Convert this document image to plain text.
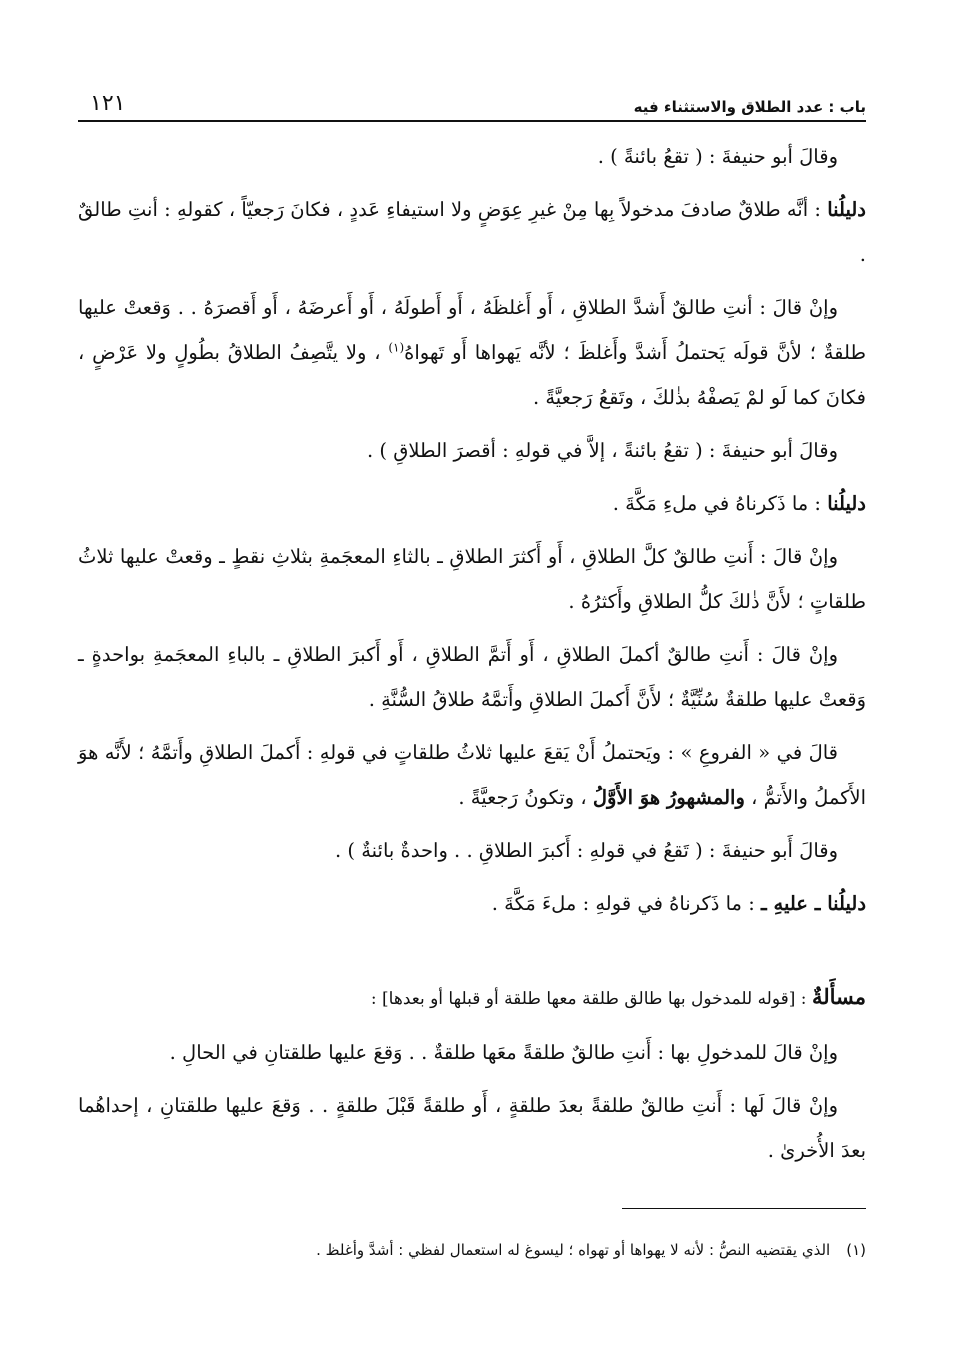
باب : عدد الطلاق والاستثناء فيه
١٢١

وقالَ أبو حنيفةَ : ( تقعُ بائنةً ) .

دليلُنا : أنَّه طلاقٌ صادفَ مدخولاً بِها مِنْ غيرِ عِوَضٍ ولا استيفاءِ عَددٍ ، فكانَ رَجعيّاً ، كقولهِ : أنتِ طالقٌ .

وإنْ قالَ : أنتِ طالقٌ أَشدَّ الطلاقِ ، أَو أَغلظَهُ ، أَو أَطولَهُ ، أَو أَعرضَهُ ، أَو أَقصرَهُ . . وَقعتْ عليها طلقةٌ ؛ لأنَّ قولَه يَحتملُ أَشدَّ وأَغلظَ ؛ لأنَّه يَهواها أَو تَهواهُ$^{(١)}$ ، ولا يتَّصِفُ الطلاقُ بطُولٍ ولا عَرْضٍ ، فكانَ كما لَو لمْ يَصفْهُ بذٰلكَ ، وتَقعُ رَجعيَّةً .

وقالَ أبو حنيفةَ : ( تقعُ بائنةً ، إلاَّ في قولهِ : أقصرَ الطلاقِ ) .

دليلُنا : ما ذَكرناهُ في ملءِ مَكَّةَ .

وإنْ قالَ : أَنتِ طالقٌ كلَّ الطلاقِ ، أَو أَكثرَ الطلاقِ ـ بالثاءِ المعجَمةِ بثلاثِ نقطٍ ـ وقعتْ عليها ثلاثُ طلقاتٍ ؛ لأَنَّ ذٰلكَ كلُّ الطلاقِ وأَكثرُهُ .

وإنْ قالَ : أَنتِ طالقٌ أكملَ الطلاقِ ، أَو أَتمَّ الطلاقِ ، أَو أَكبرَ الطلاقِ ـ بالباءِ المعجَمةِ بواحدةٍ ـ وَقعتْ عليها طلقةٌ سُنِّيَّةٌ ؛ لأَنَّ أَكملَ الطلاقِ وأَتمَّهُ طلاقُ السُّنَّةِ .

قالَ في « الفروعِ » : ويَحتملُ أَنْ يَقعَ عليها ثلاثُ طلقاتٍ في قولهِ : أَكملَ الطلاقِ وأَتمَّهُ ؛ لأَنَّه هوَ الأَكملُ والأَتمُّ ، والمشهورُ هوَ الأَوَّلُ ، وتكونُ رَجعيَّةً .

وقالَ أَبو حنيفةَ : ( تَقعُ في قولهِ : أَكبرَ الطلاقِ . . واحدةٌ بائنةٌ ) .

دليلُنا ـ عليهِ ـ : ما ذَكرناهُ في قولهِ : ملءَ مَكَّةَ .

مسأَلةٌ : [قوله للمدخول بها طالق طلقة معها طلقة أو قبلها أو بعدها] :

وإنْ قالَ للمدخولِ بها : أَنتِ طالقٌ طلقةً معَها طلقةٌ . . وَقعَ عليها طلقتانِ في الحالِ .

وإنْ قالَ لَها : أَنتِ طالقٌ طلقةً بعدَ طلقةٍ ، أَو طلقةً قَبْلَ طلقةٍ . . وَقعَ عليها طلقتانِ ، إحداهُما بعدَ الأُخرىٰ .

(١)الذي يقتضيه النصُّ : لأنه لا يهواها أو تهواه ؛ ليسوغ له استعمال لفظي : أشدَّ وأغلظ .
